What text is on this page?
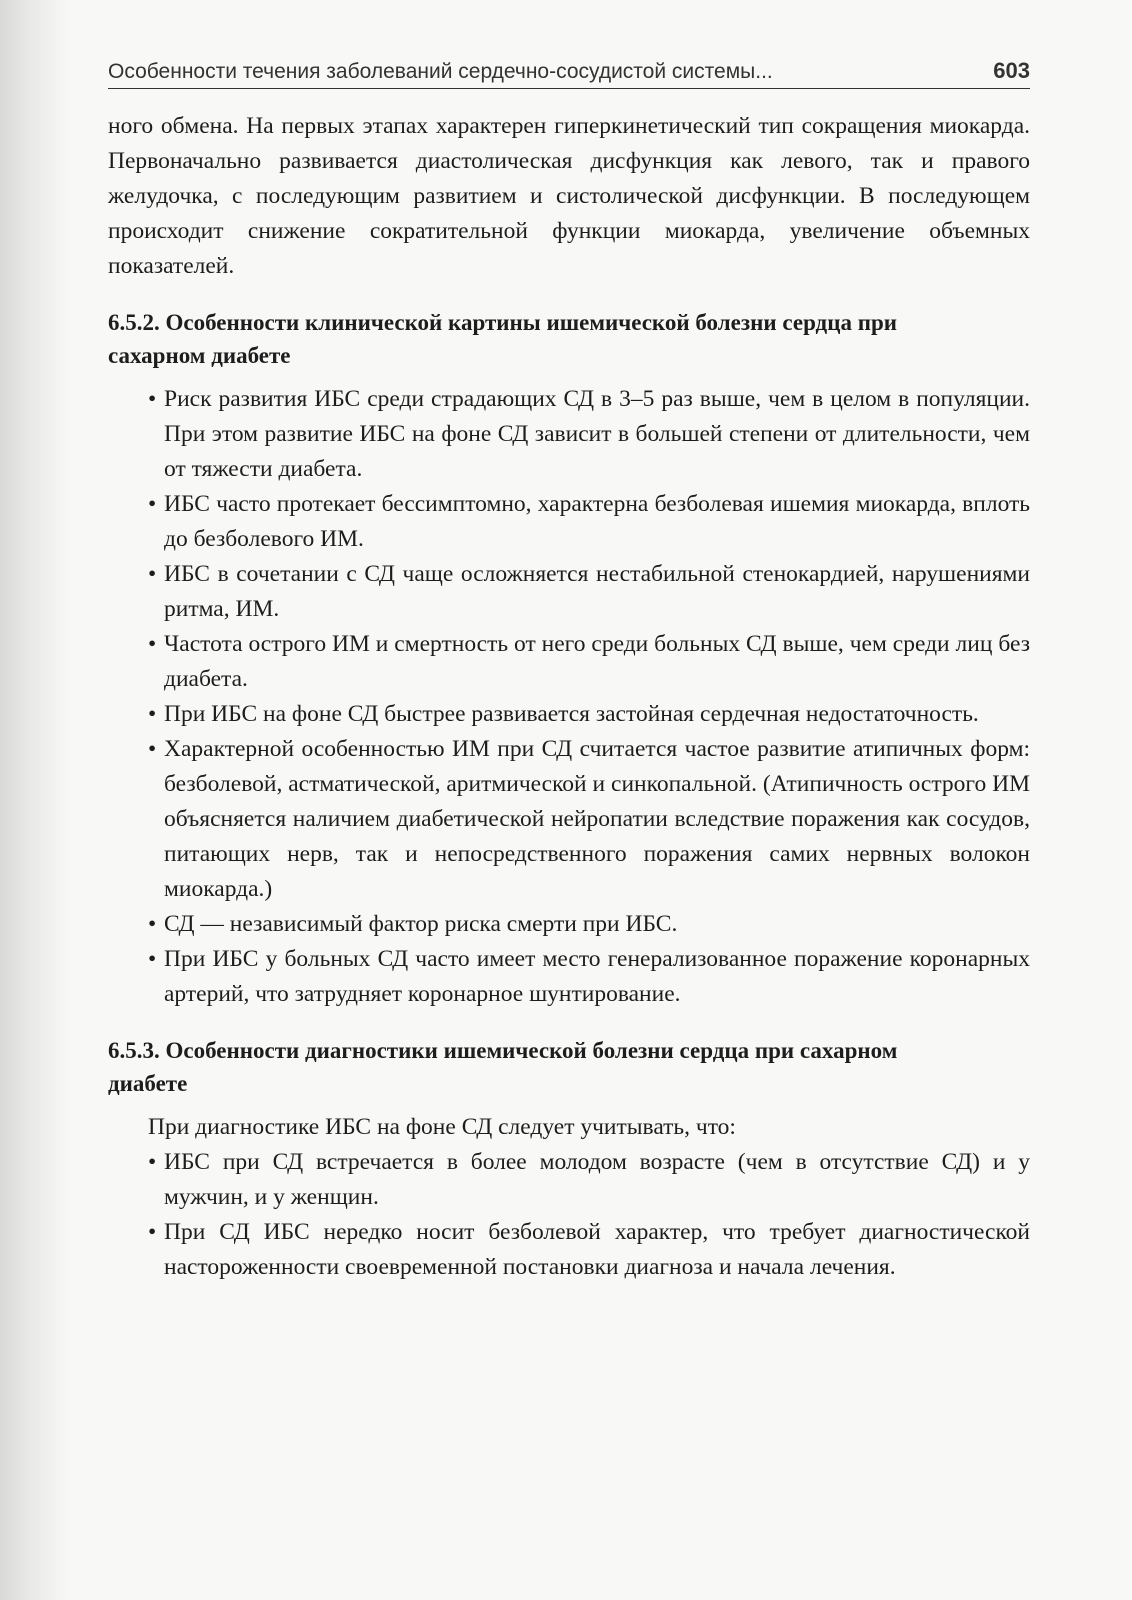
Особенности течения заболеваний сердечно-сосудистой системы...	603

ного обмена. На первых этапах характерен гиперкинетический тип сокращения миокарда. Первоначально развивается диастолическая дисфункция как левого, так и правого желудочка, с последующим развитием и систолической дисфункции. В последующем происходит снижение сократительной функции миокарда, увеличение объемных показателей.

6.5.2. Особенности клинической картины ишемической болезни сердца при сахарном диабете
• Риск развития ИБС среди страдающих СД в 3–5 раз выше, чем в целом в популяции. При этом развитие ИБС на фоне СД зависит в большей степени от длительности, чем от тяжести диабета.
• ИБС часто протекает бессимптомно, характерна безболевая ишемия миокарда, вплоть до безболевого ИМ.
• ИБС в сочетании с СД чаще осложняется нестабильной стенокардией, нарушениями ритма, ИМ.
• Частота острого ИМ и смертность от него среди больных СД выше, чем среди лиц без диабета.
• При ИБС на фоне СД быстрее развивается застойная сердечная недостаточность.
• Характерной особенностью ИМ при СД считается частое развитие атипичных форм: безболевой, астматической, аритмической и синкопальной. (Атипичность острого ИМ объясняется наличием диабетической нейропатии вследствие поражения как сосудов, питающих нерв, так и непосредственного поражения самих нервных волокон миокарда.)
• СД — независимый фактор риска смерти при ИБС.
• При ИБС у больных СД часто имеет место генерализованное поражение коронарных артерий, что затрудняет коронарное шунтирование.
6.5.3. Особенности диагностики ишемической болезни сердца при сахарном диабете

При диагностике ИБС на фоне СД следует учитывать, что:

• ИБС при СД встречается в более молодом возрасте (чем в отсутствие СД) и у мужчин, и у женщин.
• При СД ИБС нередко носит безболевой характер, что требует диагностической настороженности своевременной постановки диагноза и начала лечения.
